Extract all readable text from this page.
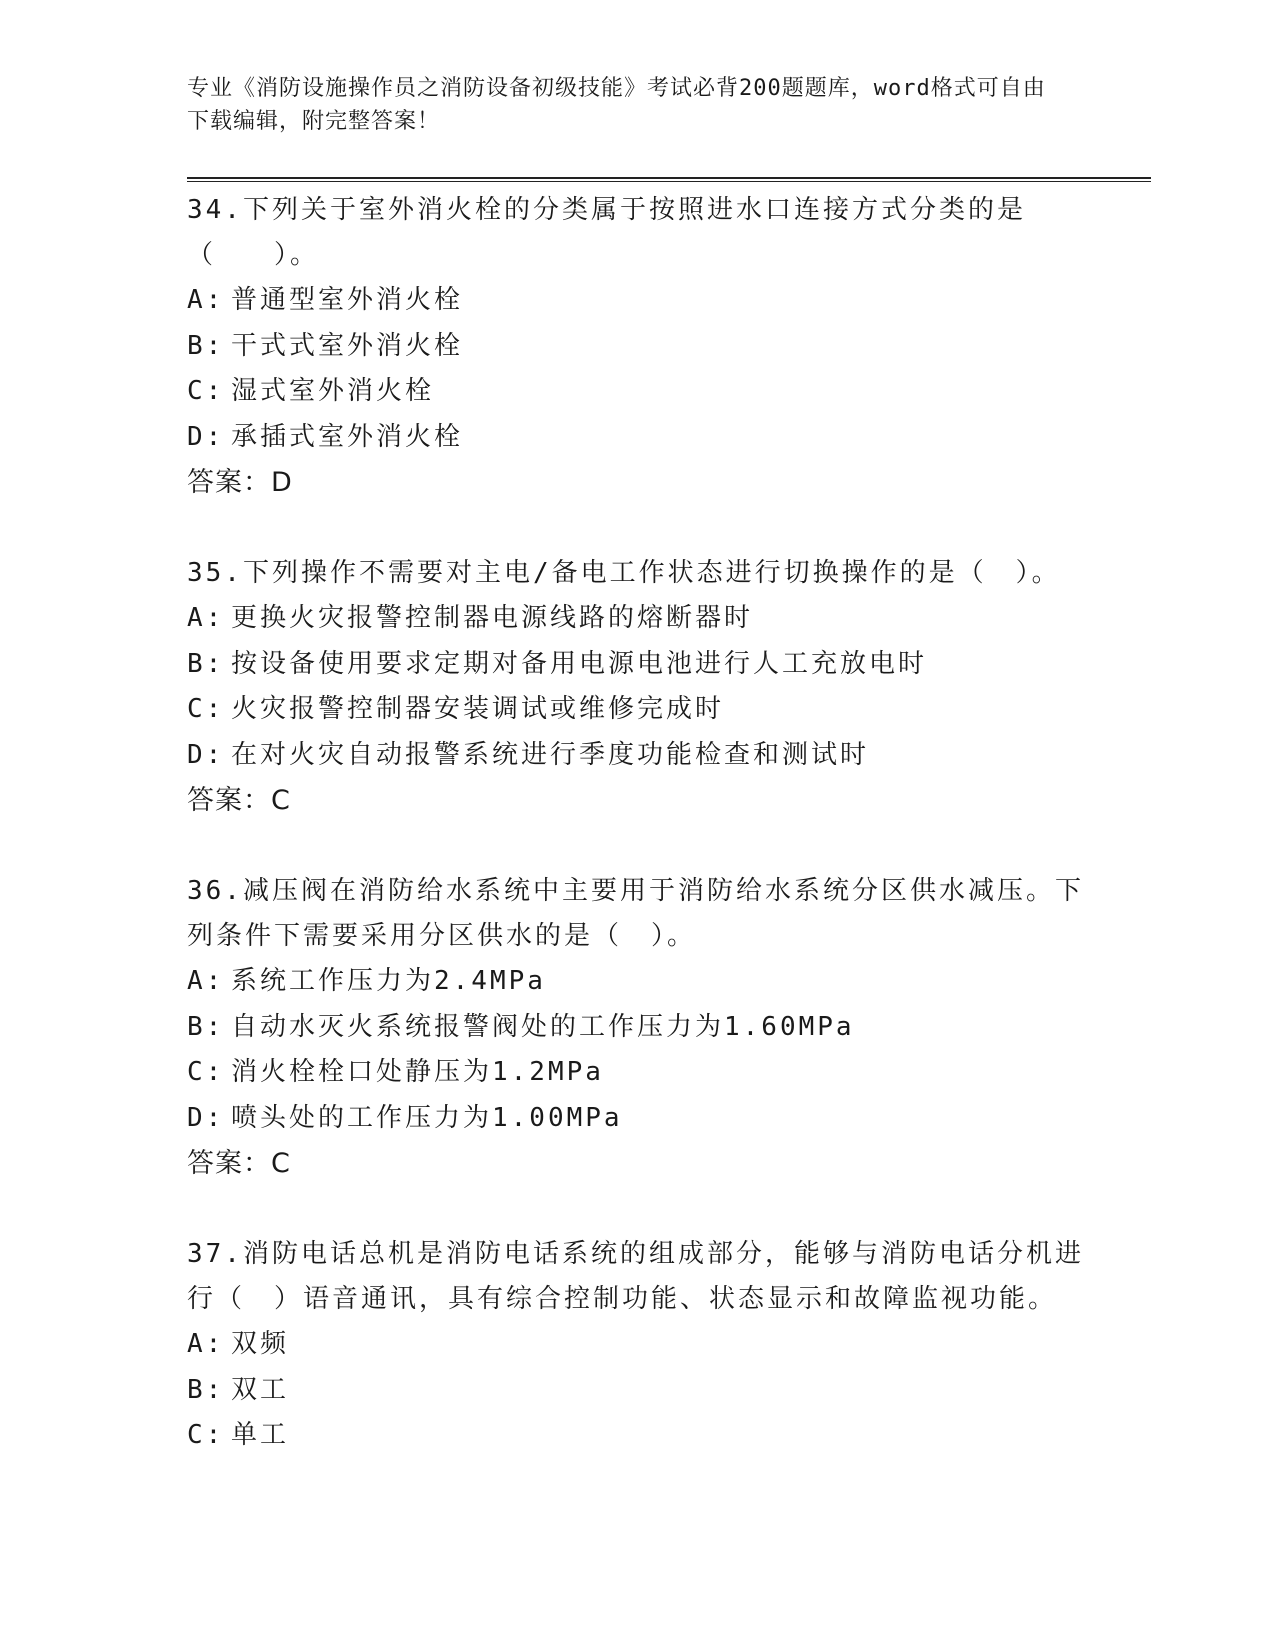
专业《消防设施操作员之消防设备初级技能》考试必背200题题库，word格式可自由下载编辑，附完整答案！

34.下列关于室外消火栓的分类属于按照进水口连接方式分类的是（　　）。

A: 普通型室外消火栓

B: 干式式室外消火栓

C: 湿式室外消火栓

D: 承插式室外消火栓

答案：D

35.下列操作不需要对主电/备电工作状态进行切换操作的是（　）。

A: 更换火灾报警控制器电源线路的熔断器时

B: 按设备使用要求定期对备用电源电池进行人工充放电时

C: 火灾报警控制器安装调试或维修完成时

D: 在对火灾自动报警系统进行季度功能检查和测试时

答案：C

36.减压阀在消防给水系统中主要用于消防给水系统分区供水减压。下列条件下需要采用分区供水的是（　）。

A: 系统工作压力为2.4MPa

B: 自动水灭火系统报警阀处的工作压力为1.60MPa

C: 消火栓栓口处静压为1.2MPa

D: 喷头处的工作压力为1.00MPa

答案：C

37.消防电话总机是消防电话系统的组成部分，能够与消防电话分机进行（　）语音通讯，具有综合控制功能、状态显示和故障监视功能。

A: 双频

B: 双工

C: 单工
